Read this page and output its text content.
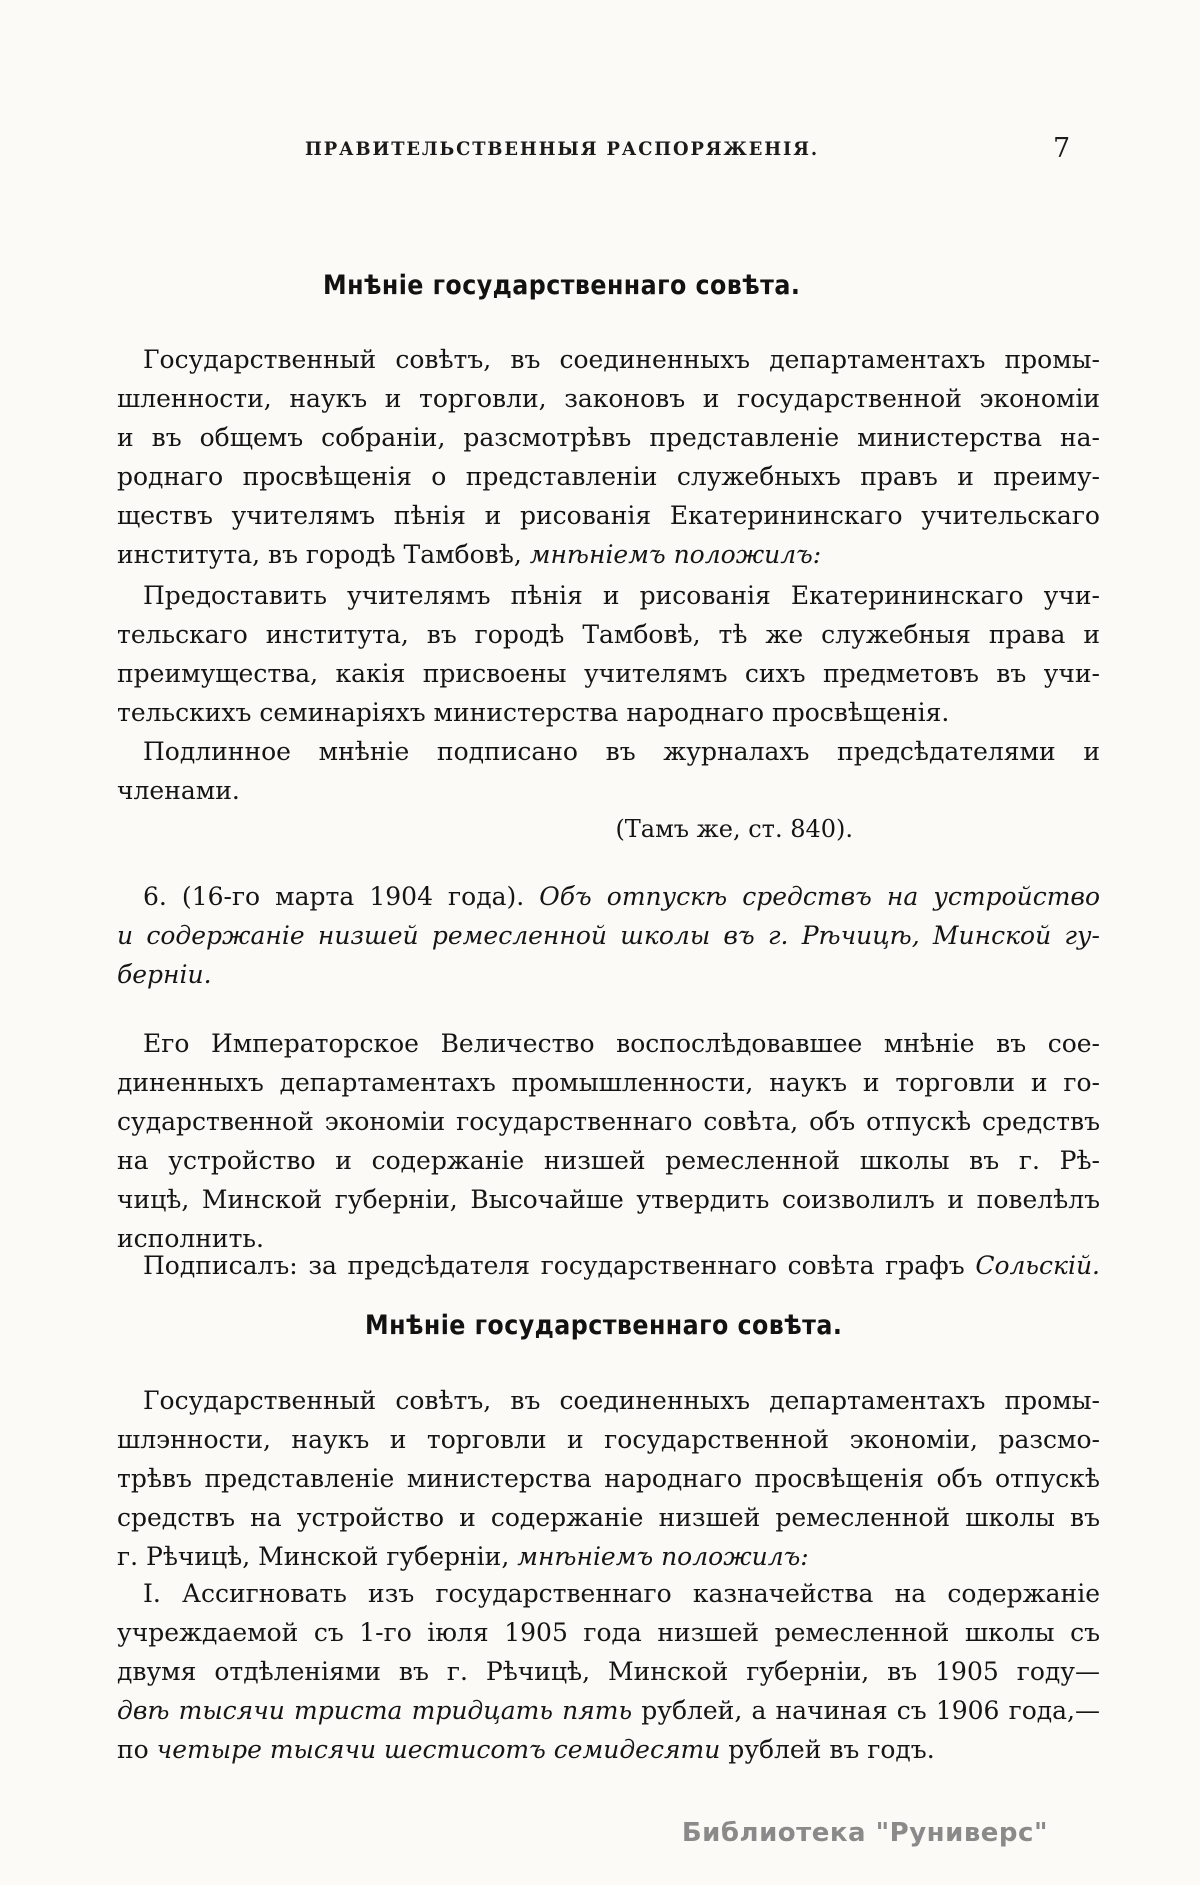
ПРАВИТЕЛЬСТВЕННЫЯ РАСПОРЯЖЕНІЯ.	7
Мнѣніе государственнаго совѣта.
Государственный совѣтъ, въ соединенныхъ департаментахъ промы-
шленности, наукъ и торговли, законовъ и государственной экономіи
и въ общемъ собраніи, разсмотрѣвъ представленіе министерства на-
роднаго просвѣщенія о представленіи служебныхъ правъ и преиму-
ществъ учителямъ пѣнія и рисованія Екатерининскаго учительскаго
института, въ городѣ Тамбовѣ, мнѣніемъ положилъ:
Предоставить учителямъ пѣнія и рисованія Екатерининскаго учи-
тельскаго института, въ городѣ Тамбовѣ, тѣ же служебныя права и
преимущества, какія присвоены учителямъ сихъ предметовъ въ учи-
тельскихъ семинаріяхъ министерства народнаго просвѣщенія.
Подлинное мнѣніе подписано въ журналахъ предсѣдателями и членами.
(Тамъ же, ст. 840).
6. (16-го марта 1904 года). Объ отпускѣ средствъ на устройство
и содержаніе низшей ремесленной школы въ г. Рѣчицѣ, Минской гу-
берніи.
Его Императорское Величество воспослѣдовавшее мнѣніе въ сое-
диненныхъ департаментахъ промышленности, наукъ и торговли и го-
сударственной экономіи государственнаго совѣта, объ отпускѣ средствъ
на устройство и содержаніе низшей ремесленной школы въ г. Рѣ-
чицѣ, Минской губерніи, Высочайше утвердить соизволилъ и повелѣлъ
исполнить.
Подписалъ: за предсѣдателя государственнаго совѣта графъ Сольскій.
Мнѣніе государственнаго совѣта.
Государственный совѣтъ, въ соединенныхъ департаментахъ промы-
шлэнности, наукъ и торговли и государственной экономіи, разсмо-
трѣвъ представленіе министерства народнаго просвѣщенія объ отпускѣ
средствъ на устройство и содержаніе низшей ремесленной школы въ
г. Рѣчицѣ, Минской губерніи, мнѣніемъ положилъ:
І. Ассигновать изъ государственнаго казначейства на содержаніе
учреждаемой съ 1-го іюля 1905 года низшей ремесленной школы съ
двумя отдѣленіями въ г. Рѣчицѣ, Минской губерніи, въ 1905 году—
двѣ тысячи триста тридцать пять рублей, а начиная съ 1906 года,—
по четыре тысячи шестисотъ семидесяти рублей въ годъ.
Библиотека "Руниверс"
